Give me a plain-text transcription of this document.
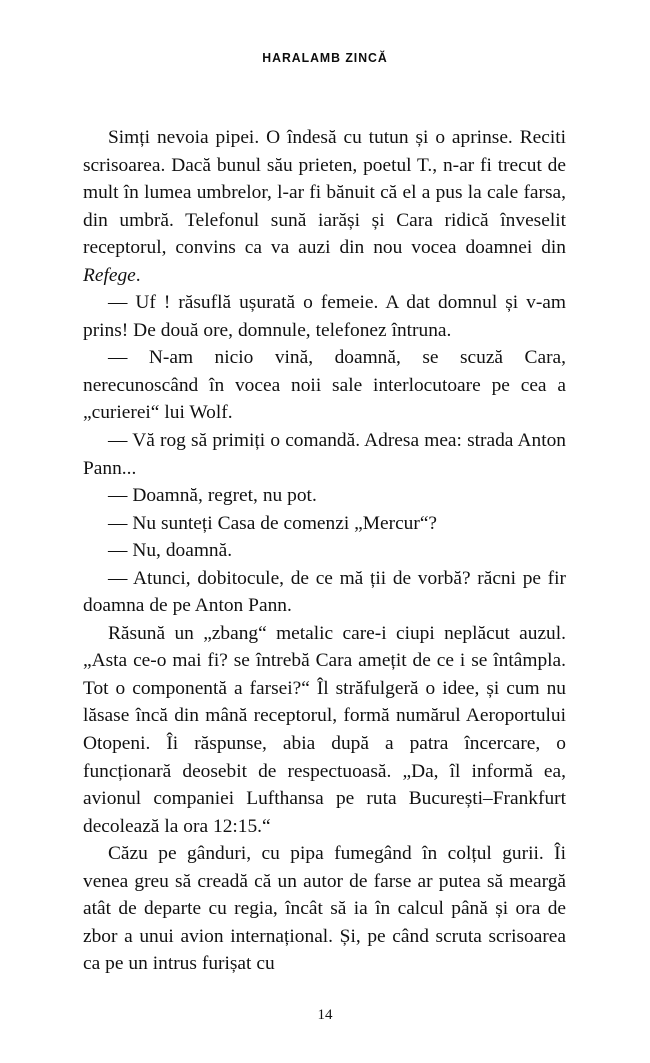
HARALAMB ZINCĂ

Simți nevoia pipei. O îndesă cu tutun și o aprinse. Reciti scrisoarea. Dacă bunul său prieten, poetul T., n-ar fi trecut de mult în lumea umbrelor, l-ar fi bănuit că el a pus la cale farsa, din umbră. Telefonul sună iarăși și Cara ridică înveselit receptorul, convins ca va auzi din nou vocea doamnei din Refege.

— Uf ! răsuflă ușurată o femeie. A dat domnul și v-am prins! De două ore, domnule, telefonez întruna.

— N-am nicio vină, doamnă, se scuză Cara, nerecunoscând în vocea noii sale interlocutoare pe cea a „curierei“ lui Wolf.

— Vă rog să primiți o comandă. Adresa mea: strada Anton Pann...

— Doamnă, regret, nu pot.

— Nu sunteți Casa de comenzi „Mercur“?

— Nu, doamnă.

— Atunci, dobitocule, de ce mă ții de vorbă? răcni pe fir doamna de pe Anton Pann.

Răsună un „zbang“ metalic care-i ciupi neplăcut auzul. „Asta ce-o mai fi? se întrebă Cara amețit de ce i se întâmpla. Tot o componentă a farsei?“ Îl străfulgeră o idee, și cum nu lăsase încă din mână receptorul, formă numărul Aeroportului Otopeni. Îi răspunse, abia după a patra încercare, o funcționară deosebit de respectuoasă. „Da, îl informă ea, avionul companiei Lufthansa pe ruta București–Frankfurt decolează la ora 12:15.“

Căzu pe gânduri, cu pipa fumegând în colțul gurii. Îi venea greu să creadă că un autor de farse ar putea să meargă atât de departe cu regia, încât să ia în calcul până și ora de zbor a unui avion internațional. Și, pe când scruta scrisoarea ca pe un intrus furișat cu

14
